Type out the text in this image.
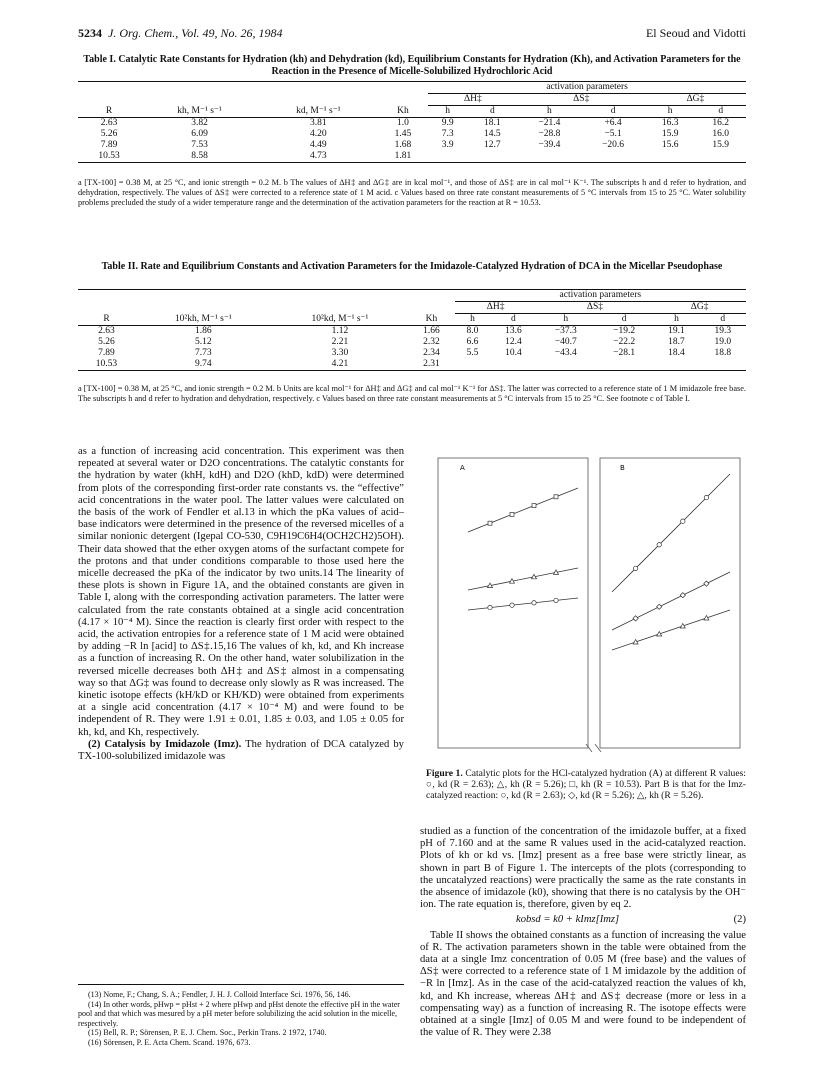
5234 J. Org. Chem., Vol. 49, No. 26, 1984	El Seoud and Vidotti
Table I. Catalytic Rate Constants for Hydration (kh) and Dehydration (kd), Equilibrium Constants for Hydration (Kh), and Activation Parameters for the Reaction in the Presence of Micelle-Solubilized Hydrochloric Acid
				activation parameters					
				ΔH‡		ΔS‡		ΔG‡	
R	kh, M⁻¹ s⁻¹	kd, M⁻¹ s⁻¹	Kh	h	d	h	d	h	d
2.63	3.82	3.81	1.0	9.9	18.1	−21.4	+6.4	16.3	16.2
5.26	6.09	4.20	1.45	7.3	14.5	−28.8	−5.1	15.9	16.0
7.89	7.53	4.49	1.68	3.9	12.7	−39.4	−20.6	15.6	15.9
10.53	8.58	4.73	1.81						
a [TX-100] = 0.38 M, at 25 °C, and ionic strength = 0.2 M. b The values of ΔH‡ and ΔG‡ are in kcal mol⁻¹, and those of ΔS‡ are in cal mol⁻¹ K⁻¹. The subscripts h and d refer to hydration, and dehydration, respectively. The values of ΔS‡ were corrected to a reference state of 1 M acid. c Values based on three rate constant measurements of 5 °C intervals from 15 to 25 °C. Water solubility problems precluded the study of a wider temperature range and the determination of the activation parameters for the reaction at R = 10.53.
Table II. Rate and Equilibrium Constants and Activation Parameters for the Imidazole-Catalyzed Hydration of DCA in the Micellar Pseudophase
				activation parameters					
				ΔH‡		ΔS‡		ΔG‡	
R	10²kh, M⁻¹ s⁻¹	10²kd, M⁻¹ s⁻¹	Kh	h	d	h	d	h	d
2.63	1.86	1.12	1.66	8.0	13.6	−37.3	−19.2	19.1	19.3
5.26	5.12	2.21	2.32	6.6	12.4	−40.7	−22.2	18.7	19.0
7.89	7.73	3.30	2.34	5.5	10.4	−43.4	−28.1	18.4	18.8
10.53	9.74	4.21	2.31						
a [TX-100] = 0.38 M, at 25 °C, and ionic strength = 0.2 M. b Units are kcal mol⁻¹ for ΔH‡ and ΔG‡ and cal mol⁻¹ K⁻¹ for ΔS‡. The latter was corrected to a reference state of 1 M imidazole free base. The subscripts h and d refer to hydration and dehydration, respectively. c Values based on three rate constant measurements at 5 °C intervals from 15 to 25 °C. See footnote c of Table I.
as a function of increasing acid concentration. This experiment was then repeated at several water or D2O concentrations. The catalytic constants for the hydration by water (khH, kdH) and D2O (khD, kdD) were determined from plots of the corresponding first-order rate constants vs. the “effective” acid concentrations in the water pool. The latter values were calculated on the basis of the work of Fendler et al.13 in which the pKa values of acid–base indicators were determined in the presence of the reversed micelles of a similar nonionic detergent (Igepal CO-530, C9H19C6H4(OCH2CH2)5OH). Their data showed that the ether oxygen atoms of the surfactant compete for the protons and that under conditions comparable to those used here the micelle decreased the pKa of the indicator by two units.14 The linearity of these plots is shown in Figure 1A, and the obtained constants are given in Table I, along with the corresponding activation parameters. The latter were calculated from the rate constants obtained at a single acid concentration (4.17 × 10⁻⁴ M). Since the reaction is clearly first order with respect to the acid, the activation entropies for a reference state of 1 M acid were obtained by adding −R ln [acid] to ΔS‡.15,16 The values of kh, kd, and Kh increase as a function of increasing R. On the other hand, water solubilization in the reversed micelle decreases both ΔH‡ and ΔS‡ almost in a compensating way so that ΔG‡ was found to decrease only slowly as R was increased. The kinetic isotope effects (kH/kD or KH/KD) were obtained from experiments at a single acid concentration (4.17 × 10⁻⁴ M) and were found to be independent of R. They were 1.91 ± 0.01, 1.85 ± 0.03, and 1.05 ± 0.05 for kh, kd, and Kh, respectively.
(2) Catalysis by Imidazole (Imz). The hydration of DCA catalyzed by TX-100-solubilized imidazole was
(13) Nome, F.; Chang, S. A.; Fendler, J. H. J. Colloid Interface Sci. 1976, 56, 146.
(14) In other words, pHwp = pHst + 2 where pHwp and pHst denote the effective pH in the water pool and that which was mesured by a pH meter before solubilizing the acid solution in the micelle, respectively.
(15) Bell, R. P.; Sörensen, P. E. J. Chem. Soc., Perkin Trans. 2 1972, 1740.
(16) Sörensen, P. E. Acta Chem. Scand. 1976, 673.
A	B
Figure 1. Catalytic plots for the HCl-catalyzed hydration (A) at different R values: ○, kd (R = 2.63); △, kh (R = 5.26); □, kh (R = 10.53). Part B is that for the Imz-catalyzed reaction: ○, kd (R = 2.63); ◇, kd (R = 5.26); △, kh (R = 5.26).
studied as a function of the concentration of the imidazole buffer, at a fixed pH of 7.160 and at the same R values used in the acid-catalyzed reaction. Plots of kh or kd vs. [Imz] present as a free base were strictly linear, as shown in part B of Figure 1. The intercepts of the plots (corresponding to the uncatalyzed reactions) were practically the same as the rate constants in the absence of imidazole (k0), showing that there is no catalysis by the OH⁻ ion. The rate equation is, therefore, given by eq 2.
kobsd = k0 + kImz[Imz]	(2)
Table II shows the obtained constants as a function of increasing the value of R. The activation parameters shown in the table were obtained from the data at a single Imz concentration of 0.05 M (free base) and the values of ΔS‡ were corrected to a reference state of 1 M imidazole by the addition of −R ln [Imz]. As in the case of the acid-catalyzed reaction the values of kh, kd, and Kh increase, whereas ΔH‡ and ΔS‡ decrease (more or less in a compensating way) as a function of increasing R. The isotope effects were obtained at a single [Imz] of 0.05 M and were found to be independent of the value of R. They were 2.38
